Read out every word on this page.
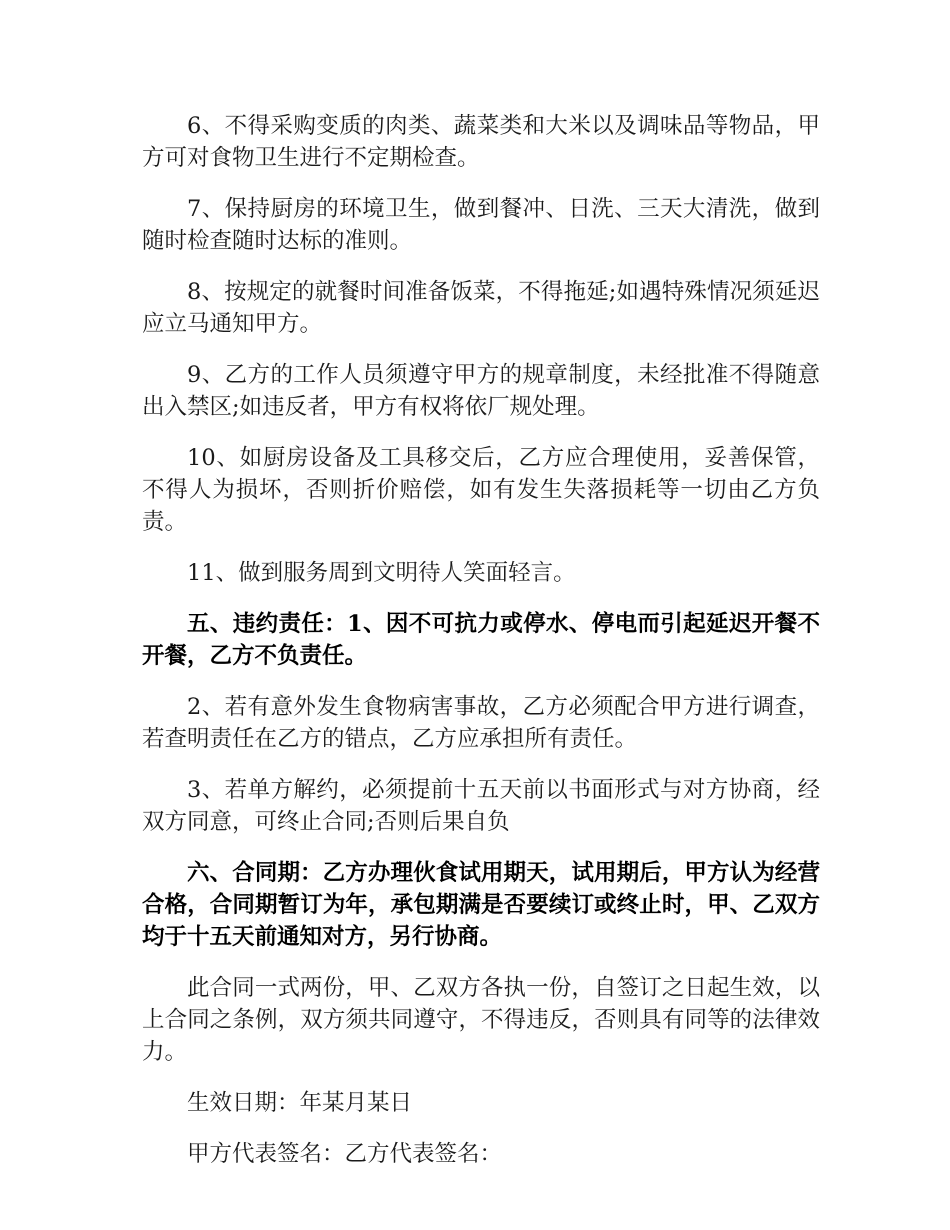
6、不得采购变质的肉类、蔬菜类和大米以及调味品等物品，甲方可对食物卫生进行不定期检查。

7、保持厨房的环境卫生，做到餐冲、日洗、三天大清洗，做到随时检查随时达标的准则。

8、按规定的就餐时间准备饭菜，不得拖延;如遇特殊情况须延迟应立马通知甲方。

9、乙方的工作人员须遵守甲方的规章制度，未经批准不得随意出入禁区;如违反者，甲方有权将依厂规处理。

10、如厨房设备及工具移交后，乙方应合理使用，妥善保管，不得人为损坏，否则折价赔偿，如有发生失落损耗等一切由乙方负责。

11、做到服务周到文明待人笑面轻言。

五、违约责任：1、因不可抗力或停水、停电而引起延迟开餐不开餐，乙方不负责任。

2、若有意外发生食物病害事故，乙方必须配合甲方进行调查，若查明责任在乙方的错点，乙方应承担所有责任。

3、若单方解约，必须提前十五天前以书面形式与对方协商，经双方同意，可终止合同;否则后果自负

六、合同期：乙方办理伙食试用期天，试用期后，甲方认为经营合格，合同期暂订为年，承包期满是否要续订或终止时，甲、乙双方均于十五天前通知对方，另行协商。

此合同一式两份，甲、乙双方各执一份，自签订之日起生效，以上合同之条例，双方须共同遵守，不得违反，否则具有同等的法律效力。

生效日期：年某月某日

甲方代表签名：乙方代表签名：
